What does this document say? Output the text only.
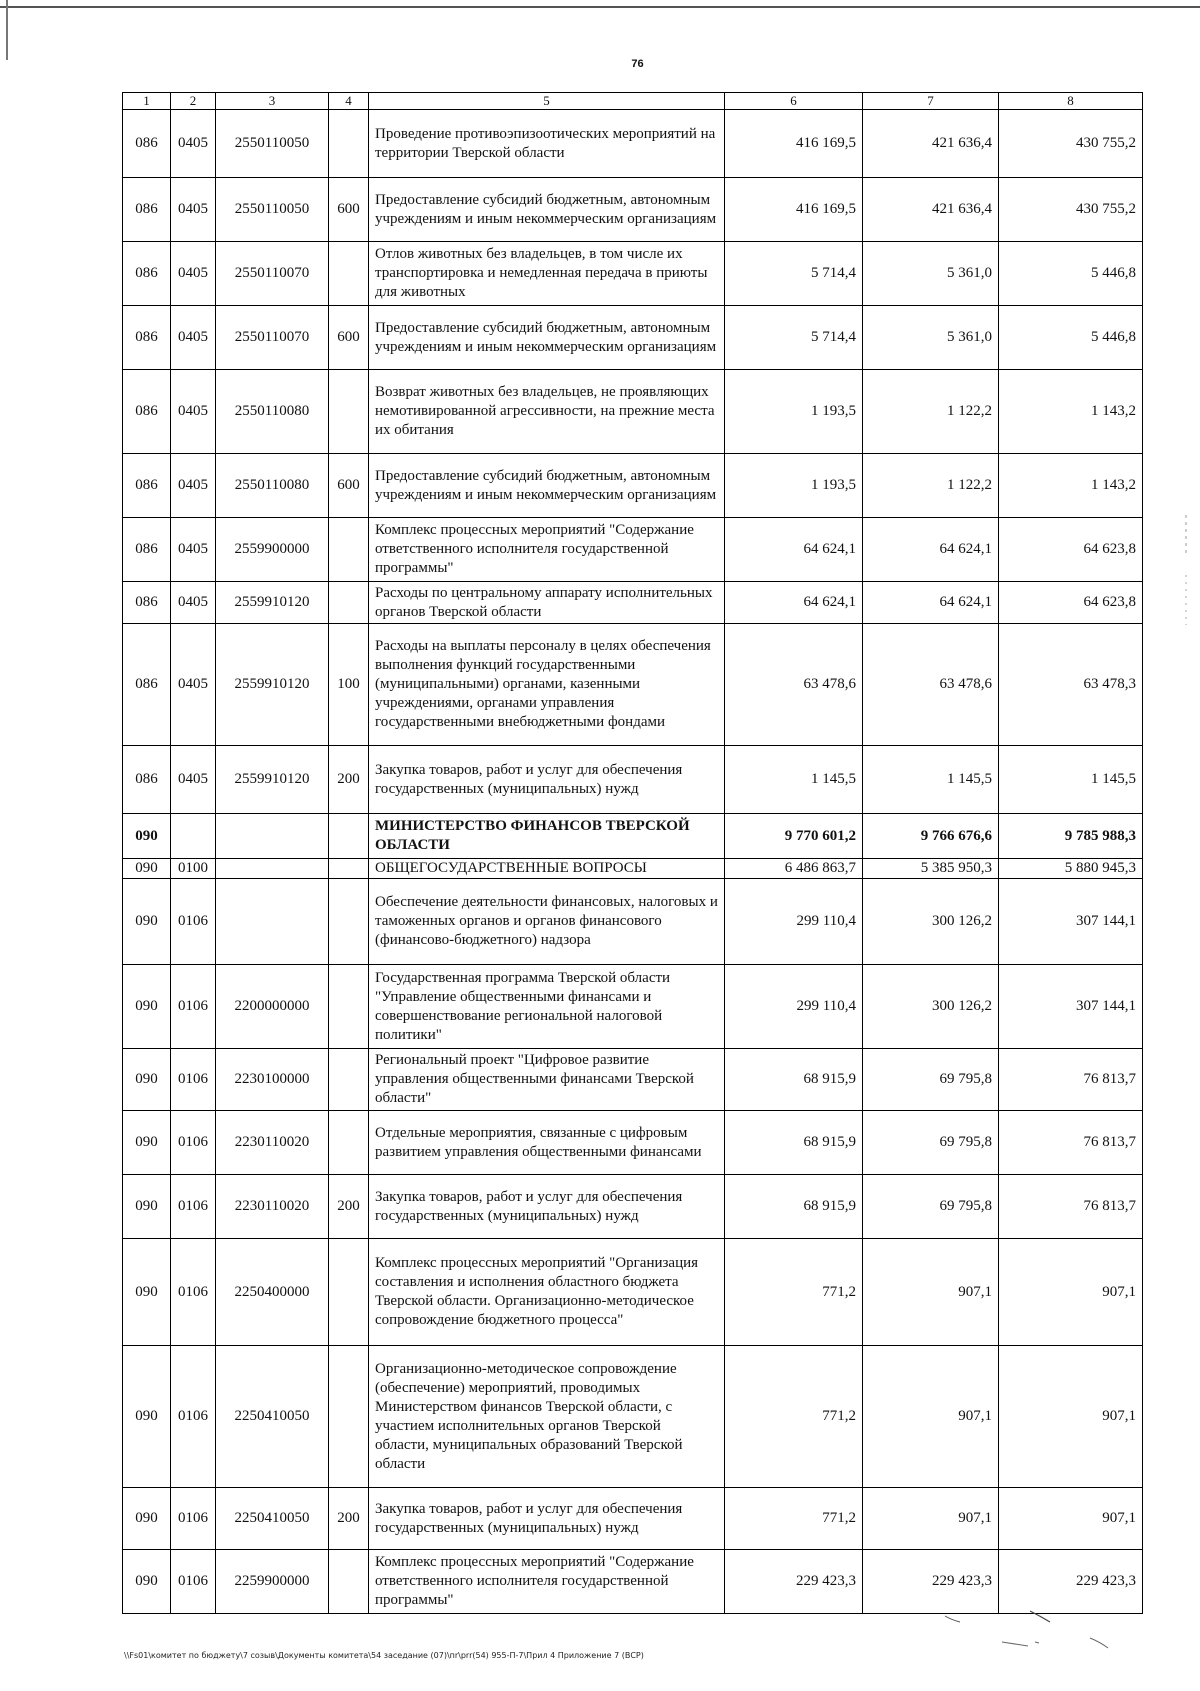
76
1	2	3	4	5	6	7	8
086	0405	2550110050		Проведение противоэпизоотических мероприятий на территории Тверской области	416 169,5	421 636,4	430 755,2
086	0405	2550110050	600	Предоставление субсидий бюджетным, автономным учреждениям и иным некоммерческим организациям	416 169,5	421 636,4	430 755,2
086	0405	2550110070		Отлов животных без владельцев, в том числе их транспортировка и немедленная передача в приюты для животных	5 714,4	5 361,0	5 446,8
086	0405	2550110070	600	Предоставление субсидий бюджетным, автономным учреждениям и иным некоммерческим организациям	5 714,4	5 361,0	5 446,8
086	0405	2550110080		Возврат животных без владельцев, не проявляющих немотивированной агрессивности, на прежние места их обитания	1 193,5	1 122,2	1 143,2
086	0405	2550110080	600	Предоставление субсидий бюджетным, автономным учреждениям и иным некоммерческим организациям	1 193,5	1 122,2	1 143,2
086	0405	2559900000		Комплекс процессных мероприятий "Содержание ответственного исполнителя государственной программы"	64 624,1	64 624,1	64 623,8
086	0405	2559910120		Расходы по центральному аппарату исполнительных органов Тверской области	64 624,1	64 624,1	64 623,8
086	0405	2559910120	100	Расходы на выплаты персоналу в целях обеспечения выполнения функций государственными (муниципальными) органами, казенными учреждениями, органами управления государственными внебюджетными фондами	63 478,6	63 478,6	63 478,3
086	0405	2559910120	200	Закупка товаров, работ и услуг для обеспечения государственных (муниципальных) нужд	1 145,5	1 145,5	1 145,5
090				МИНИСТЕРСТВО ФИНАНСОВ ТВЕРСКОЙ ОБЛАСТИ	9 770 601,2	9 766 676,6	9 785 988,3
090	0100			ОБЩЕГОСУДАРСТВЕННЫЕ ВОПРОСЫ	6 486 863,7	5 385 950,3	5 880 945,3
090	0106			Обеспечение деятельности финансовых, налоговых и таможенных органов и органов финансового (финансово-бюджетного) надзора	299 110,4	300 126,2	307 144,1
090	0106	2200000000		Государственная программа Тверской области "Управление общественными финансами и совершенствование региональной налоговой политики"	299 110,4	300 126,2	307 144,1
090	0106	2230100000		Региональный проект "Цифровое развитие управления общественными финансами Тверской области"	68 915,9	69 795,8	76 813,7
090	0106	2230110020		Отдельные мероприятия, связанные с цифровым развитием управления общественными финансами	68 915,9	69 795,8	76 813,7
090	0106	2230110020	200	Закупка товаров, работ и услуг для обеспечения государственных (муниципальных) нужд	68 915,9	69 795,8	76 813,7
090	0106	2250400000		Комплекс процессных мероприятий "Организация составления и исполнения областного бюджета Тверской области. Организационно-методическое сопровождение бюджетного процесса"	771,2	907,1	907,1
090	0106	2250410050		Организационно-методическое сопровождение (обеспечение) мероприятий, проводимых Министерством финансов Тверской области, с участием исполнительных органов Тверской области, муниципальных образований Тверской области	771,2	907,1	907,1
090	0106	2250410050	200	Закупка товаров, работ и услуг для обеспечения государственных (муниципальных) нужд	771,2	907,1	907,1
090	0106	2259900000		Комплекс процессных мероприятий "Содержание ответственного исполнителя государственной программы"	229 423,3	229 423,3	229 423,3
\\Fs01\комитет по бюджету\7 созыв\Документы комитета\54 заседание (07)\пr\prr(54) 955-П-7\Прил 4 Приложение 7 (ВСР)
